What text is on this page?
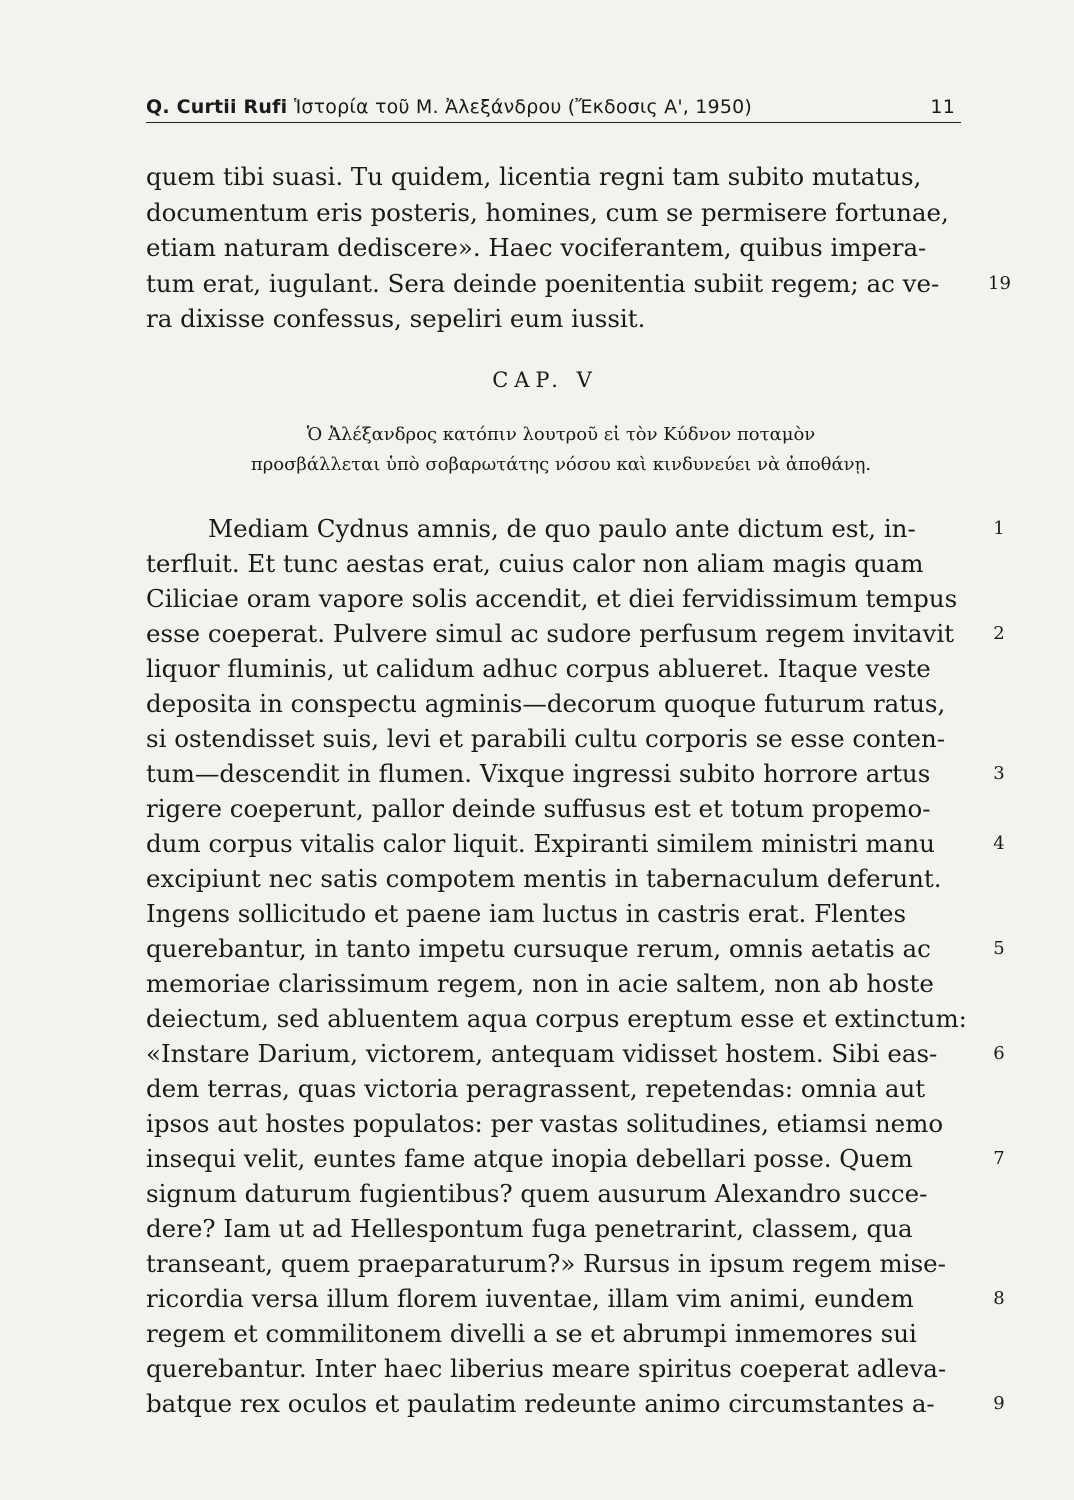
Q. Curtii Rufi Ἱστορία τοῦ Μ. Ἀλεξάνδρου (Ἔκδοσις Α', 1950)	11
quem tibi suasi. Tu quidem, licentia regni tam subito mutatus,
documentum eris posteris, homines, cum se permisere fortunae,
etiam naturam dediscere». Haec vociferantem, quibus impera-
tum erat, iugulant. Sera deinde poenitentia subiit regem; ac ve-
ra dixisse confessus, sepeliri eum iussit.
19
CAP. V
Ὁ Ἀλέξανδρος κατόπιν λουτροῦ εἰ τὸν Κύδνον ποταμὸν
προσβάλλεται ὑπὸ σοβαρωτάτης νόσου καὶ κινδυνεύει νὰ ἀποθάνῃ.
Mediam Cydnus amnis, de quo paulo ante dictum est, in-
terfluit. Et tunc aestas erat, cuius calor non aliam magis quam
Ciliciae oram vapore solis accendit, et diei fervidissimum tempus
esse coeperat. Pulvere simul ac sudore perfusum regem invitavit
liquor fluminis, ut calidum adhuc corpus ablueret. Itaque veste
deposita in conspectu agminis—decorum quoque futurum ratus,
si ostendisset suis, levi et parabili cultu corporis se esse conten-
tum—descendit in flumen. Vixque ingressi subito horrore artus
rigere coeperunt, pallor deinde suffusus est et totum propemo-
dum corpus vitalis calor liquit. Expiranti similem ministri manu
excipiunt nec satis compotem mentis in tabernaculum deferunt.
Ingens sollicitudo et paene iam luctus in castris erat. Flentes
querebantur, in tanto impetu cursuque rerum, omnis aetatis ac
memoriae clarissimum regem, non in acie saltem, non ab hoste
deiectum, sed abluentem aqua corpus ereptum esse et extinctum:
«Instare Darium, victorem, antequam vidisset hostem. Sibi eas-
dem terras, quas victoria peragrassent, repetendas: omnia aut
ipsos aut hostes populatos: per vastas solitudines, etiamsi nemo
insequi velit, euntes fame atque inopia debellari posse. Quem
signum daturum fugientibus? quem ausurum Alexandro succe-
dere? Iam ut ad Hellespontum fuga penetrarint, classem, qua
transeant, quem praeparaturum?» Rursus in ipsum regem mise-
ricordia versa illum florem iuventae, illam vim animi, eundem
regem et commilitonem divelli a se et abrumpi inmemores sui
querebantur. Inter haec liberius meare spiritus coeperat adleva-
batque rex oculos et paulatim redeunte animo circumstantes a-
1
2
3
4
5
6
7
8
9
